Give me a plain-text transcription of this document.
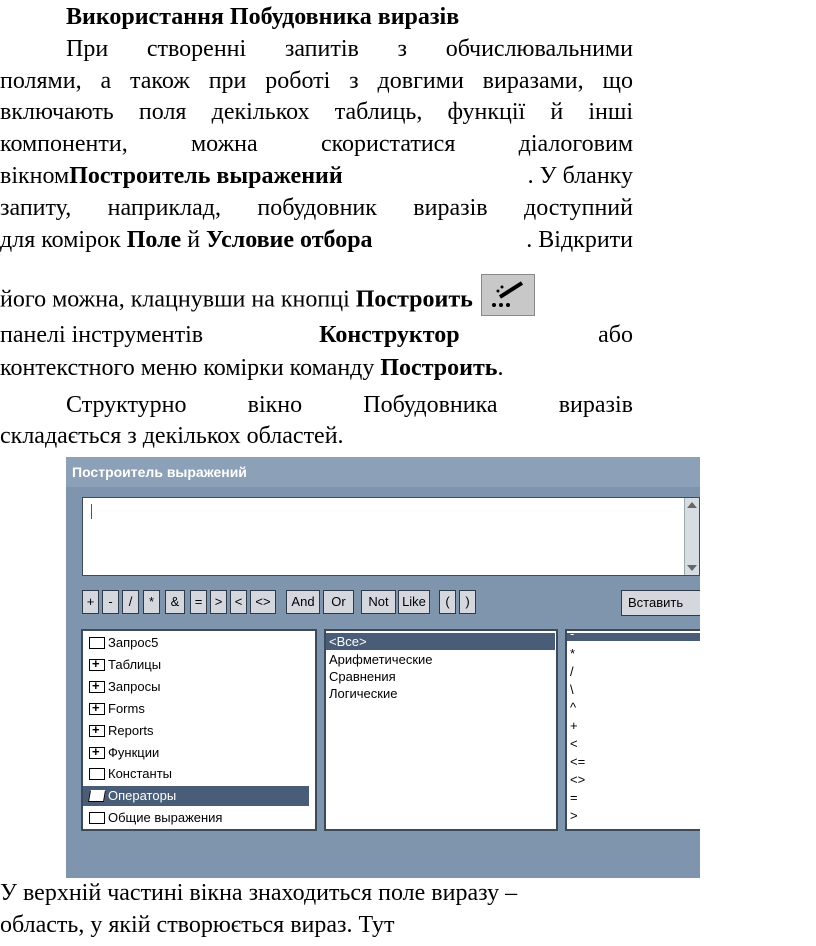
Використання Побудовника виразів
При створенні запитів з обчислювальними
полями, а також при роботі з довгими виразами, що
включають поля декількох таблиць, функції й інші
компоненти, можна скористатися діалоговим
вікном Построитель выражений	. У бланку
запиту, наприклад, побудовник виразів доступний
для комірок Поле й Условие отбора	. Відкрити
його можна, клацнувши на кнопці Построить
панелі інструментів	Конструктор	або
контекстного меню комірки команду Построить.
Структурно вікно Побудовника виразів
складається з декількох областей.
Построитель выражений
+	-	/	*	&	= > <	<>	And	Or	Not	Like	(	)	Вставить
Запрос5
+Таблицы
+Запросы
+Forms
+Reports
+Функции
Константы
Операторы
Общие выражения
<Все>
Арифметические
Сравнения
Логические
-
*
/
\
^
+
<
<=
<>
=
>
У верхній частині вікна знаходиться поле виразу –
область, у якій створюється вираз. Тут
